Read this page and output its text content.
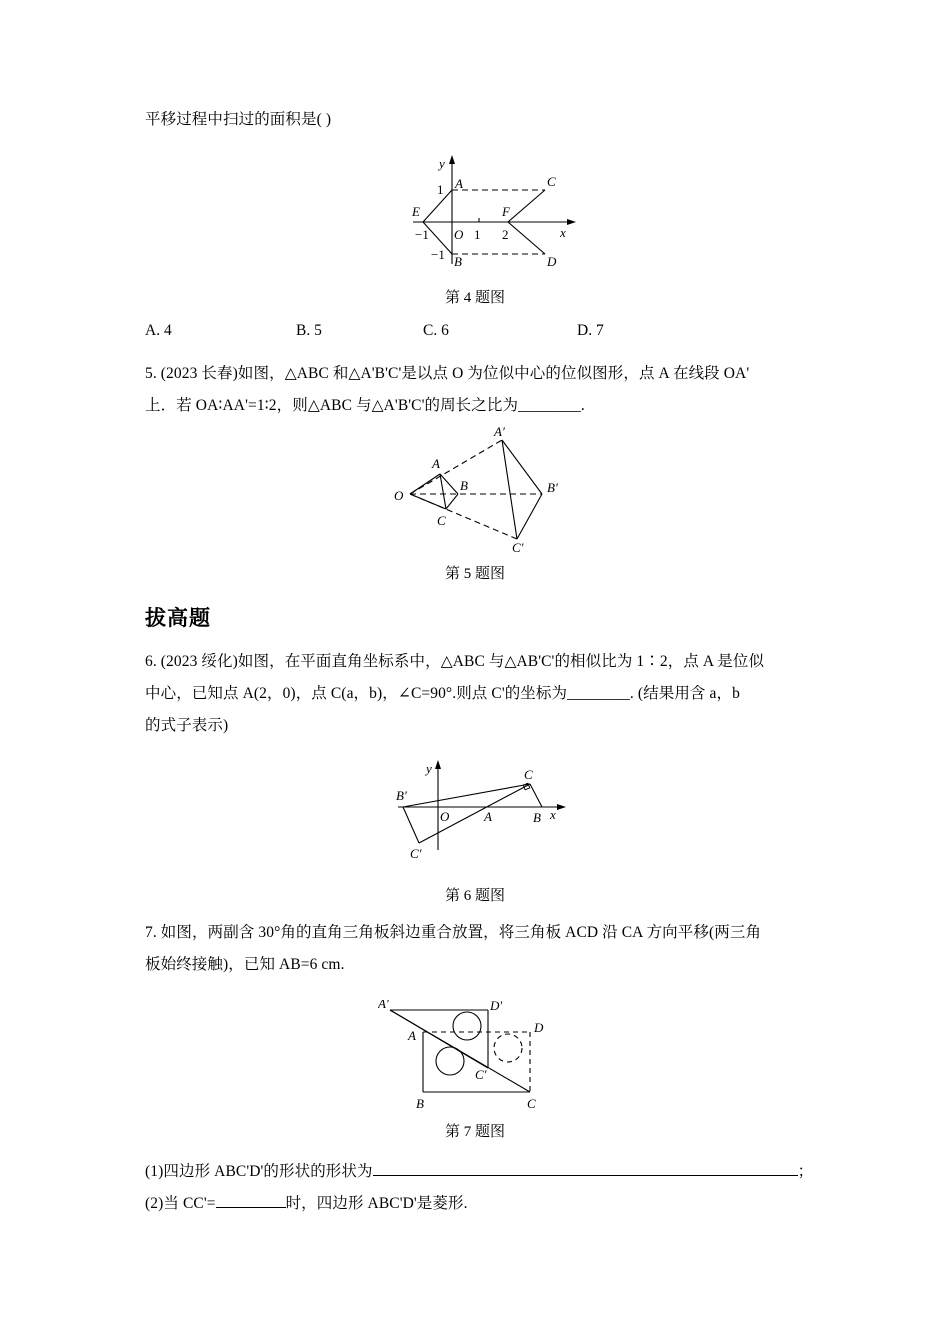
平移过程中扫过的面积是( )
y
1 A	C
E	F
−1 O 1 2	x
−1 B	D
第 4 题图
A. 4	B. 5	C. 6	D. 7
5. (2023 长春)如图，△ABC 和△A'B'C'是以点 O 为位似中心的位似图形，点 A 在线段 OA'
上．若 OA∶AA'=1∶2，则△ABC 与△A'B'C'的周长之比为________.
O
A
B
C
A′
B′
C′
第 5 题图
拔高题
6. (2023 绥化)如图，在平面直角坐标系中，△ABC 与△AB'C'的相似比为 1∶2，点 A 是位似
中心，已知点 A(2，0)，点 C(a，b)，∠C=90°.则点 C'的坐标为________. (结果用含 a，b
的式子表示)
y
B′
O	A	B x
C
C′
第 6 题图
7. 如图，两副含 30°角的直角三角板斜边重合放置，将三角板 ACD 沿 CA 方向平移(两三角
板始终接触)，已知 AB=6 cm.
A′	D′
A
D
C′
B	C
第 7 题图
(1)四边形 ABC'D'的形状的形状为	；
(2)当 CC'=	时，四边形 ABC'D'是菱形.
